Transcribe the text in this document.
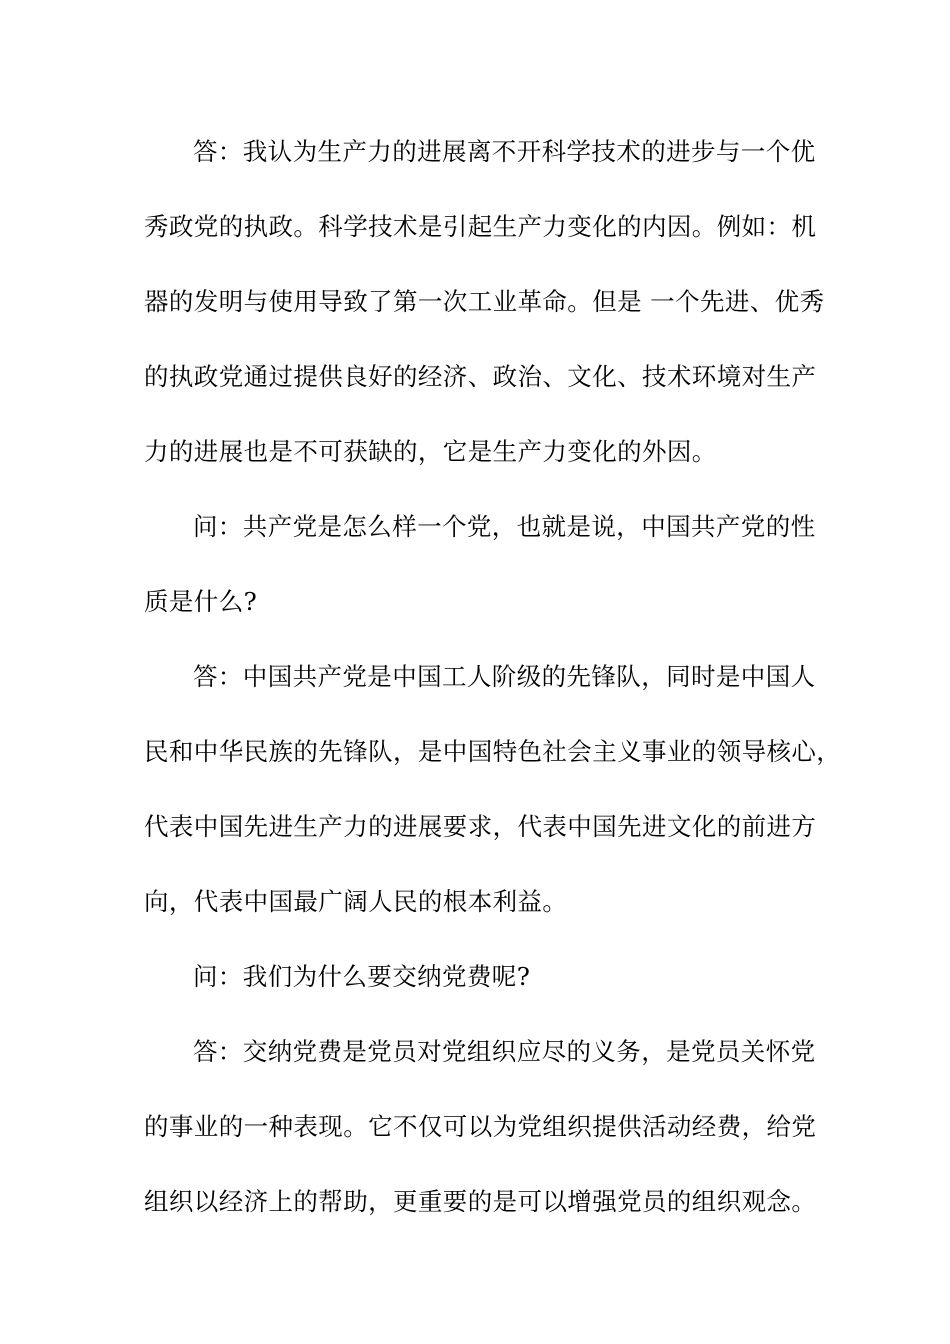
答：我认为生产力的进展离不开科学技术的进步与一个优
秀政党的执政。科学技术是引起生产力变化的内因。例如：机
器的发明与使用导致了第一次工业革命。但是 一个先进、优秀
的执政党通过提供良好的经济、政治、文化、技术环境对生产
力的进展也是不可获缺的，它是生产力变化的外因。
问：共产党是怎么样一个党，也就是说，中国共产党的性
质是什么?
答：中国共产党是中国工人阶级的先锋队，同时是中国人
民和中华民族的先锋队，是中国特色社会主义事业的领导核心，
代表中国先进生产力的进展要求，代表中国先进文化的前进方
向，代表中国最广阔人民的根本利益。
问：我们为什么要交纳党费呢?
答：交纳党费是党员对党组织应尽的义务，是党员关怀党
的事业的一种表现。它不仅可以为党组织提供活动经费，给党
组织以经济上的帮助，更重要的是可以增强党员的组织观念。
